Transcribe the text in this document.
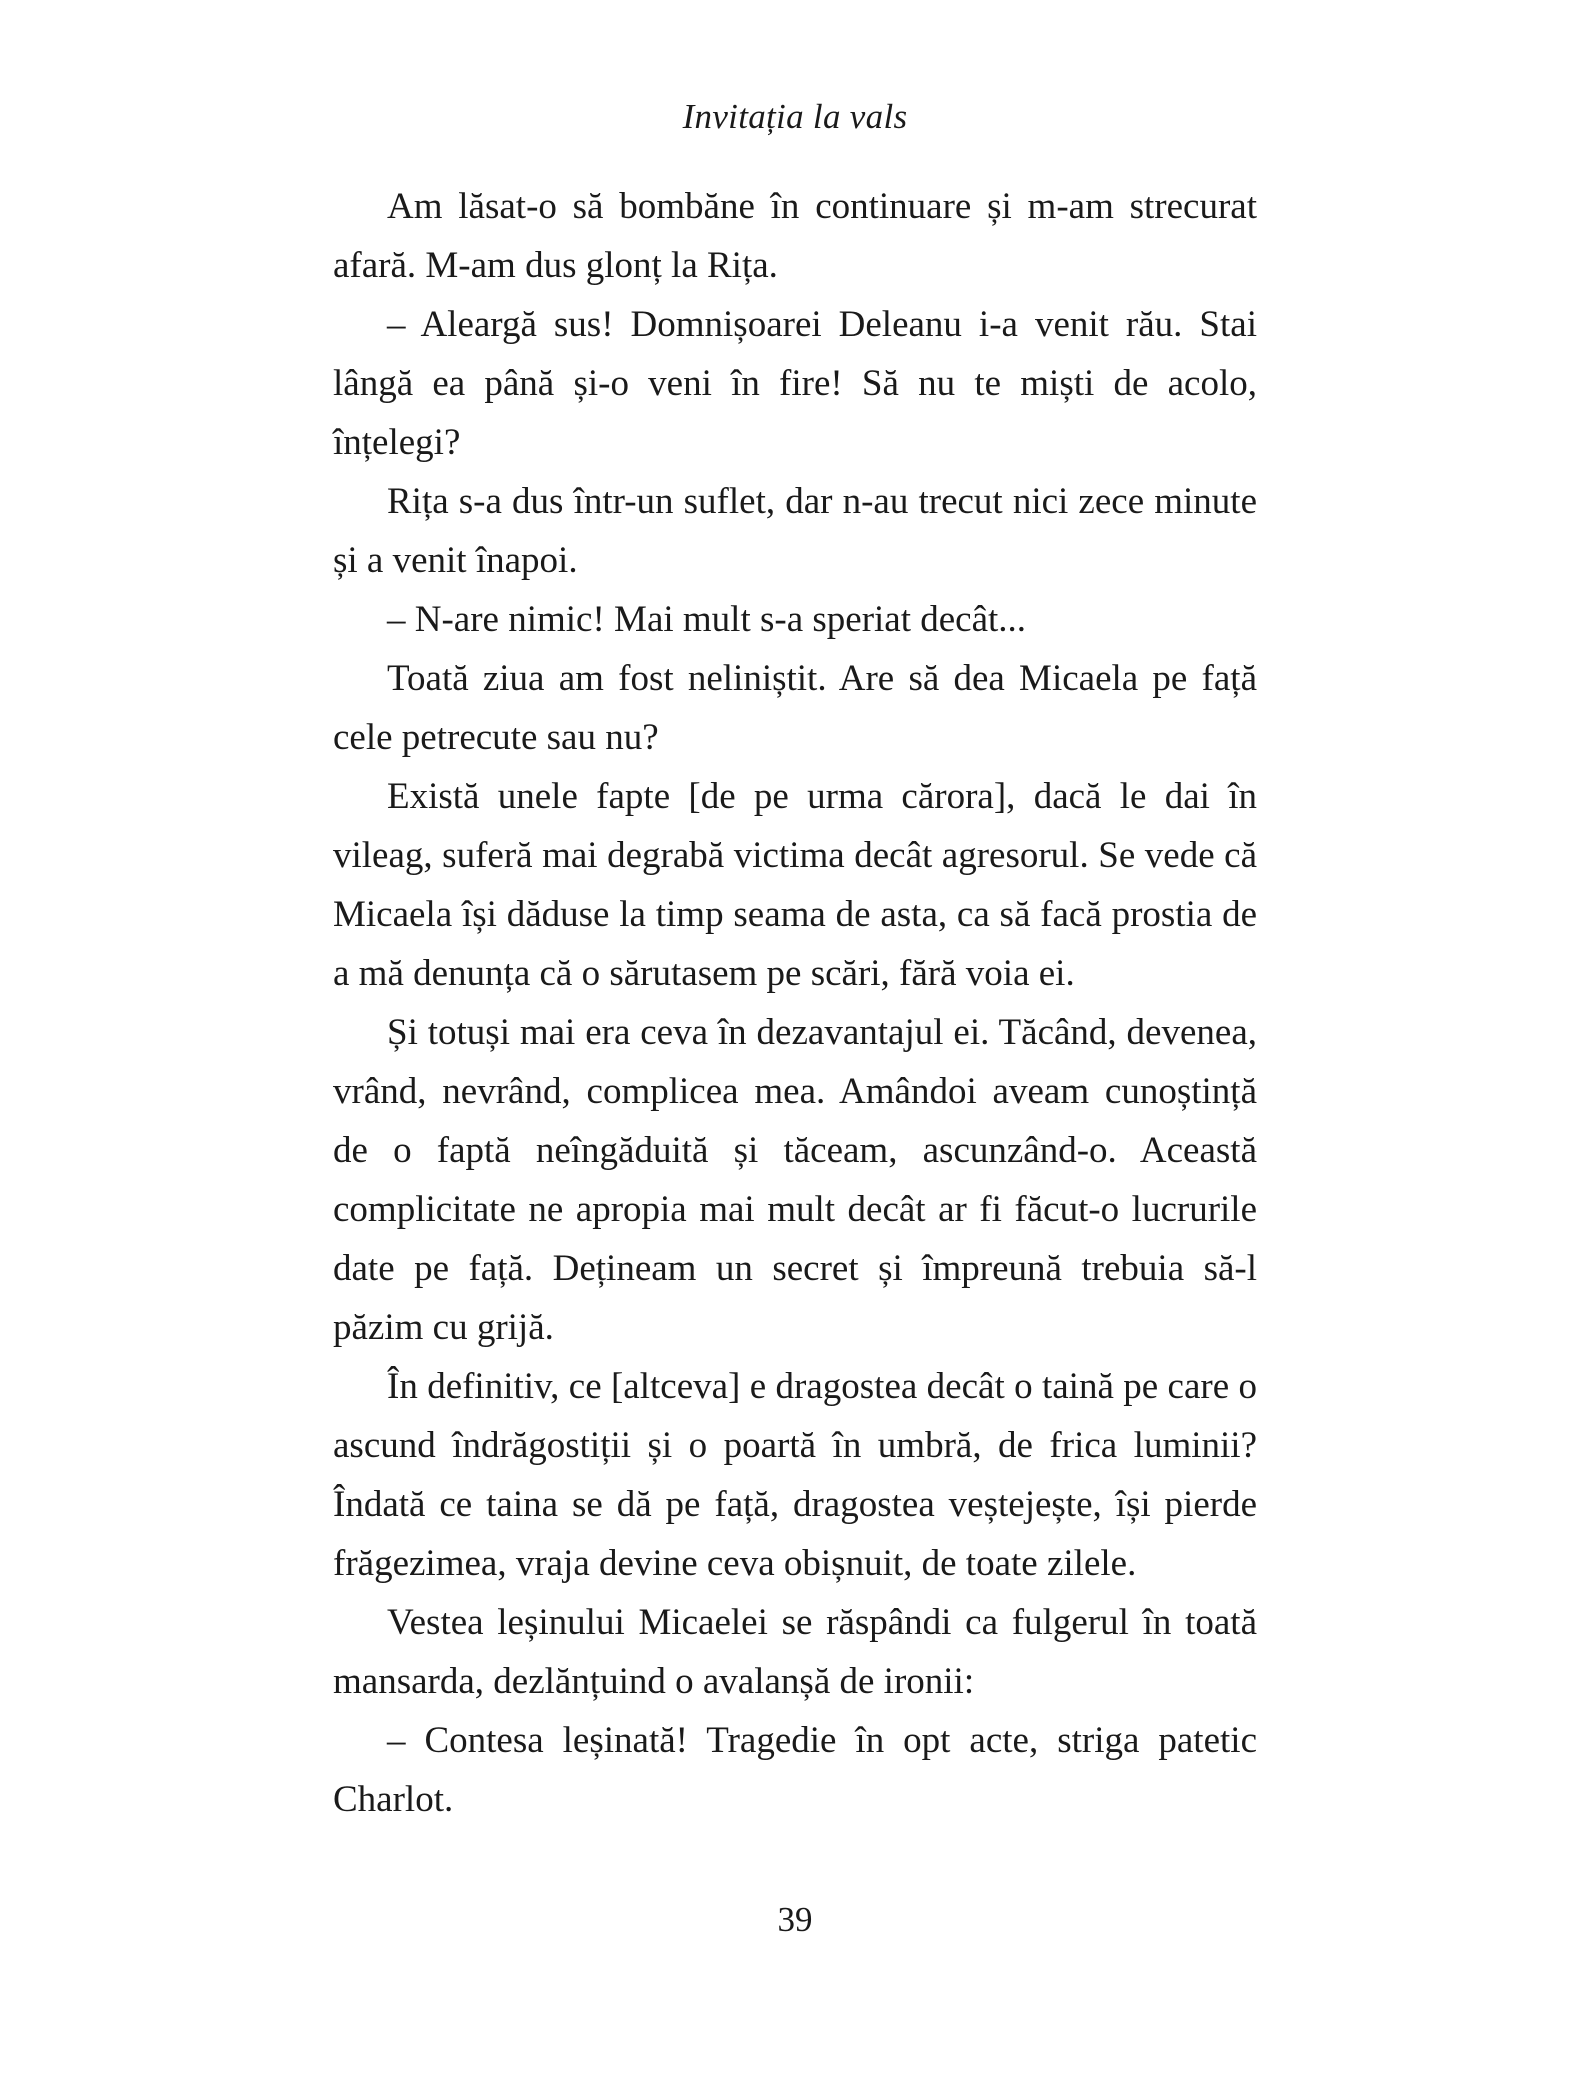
Invitația la vals

Am lăsat-o să bombăne în continuare și m-am strecurat afară. M-am dus glonț la Rița.

– Aleargă sus! Domnișoarei Deleanu i-a venit rău. Stai lângă ea până și-o veni în fire! Să nu te miști de acolo, înțelegi?

Rița s-a dus într-un suflet, dar n-au trecut nici zece minute și a venit înapoi.

– N-are nimic! Mai mult s-a speriat decât...

Toată ziua am fost neliniștit. Are să dea Micaela pe față cele petrecute sau nu?

Există unele fapte [de pe urma cărora], dacă le dai în vileag, suferă mai degrabă victima decât agresorul. Se vede că Micaela își dăduse la timp seama de asta, ca să facă prostia de a mă denunța că o sărutasem pe scări, fără voia ei.

Și totuși mai era ceva în dezavantajul ei. Tăcând, devenea, vrând, nevrând, complicea mea. Amândoi aveam cunoștință de o faptă neîngăduită și tăceam, ascunzând-o. Această complicitate ne apropia mai mult decât ar fi făcut-o lucrurile date pe față. Dețineam un secret și împreună trebuia să-l păzim cu grijă.

În definitiv, ce [altceva] e dragostea decât o taină pe care o ascund îndrăgostiții și o poartă în umbră, de frica luminii? Îndată ce taina se dă pe față, dragostea veștejește, își pierde frăgezimea, vraja devine ceva obișnuit, de toate zilele.

Vestea leșinului Micaelei se răspândi ca fulgerul în toată mansarda, dezlănțuind o avalanșă de ironii:

– Contesa leșinată! Tragedie în opt acte, striga patetic Charlot.

39
